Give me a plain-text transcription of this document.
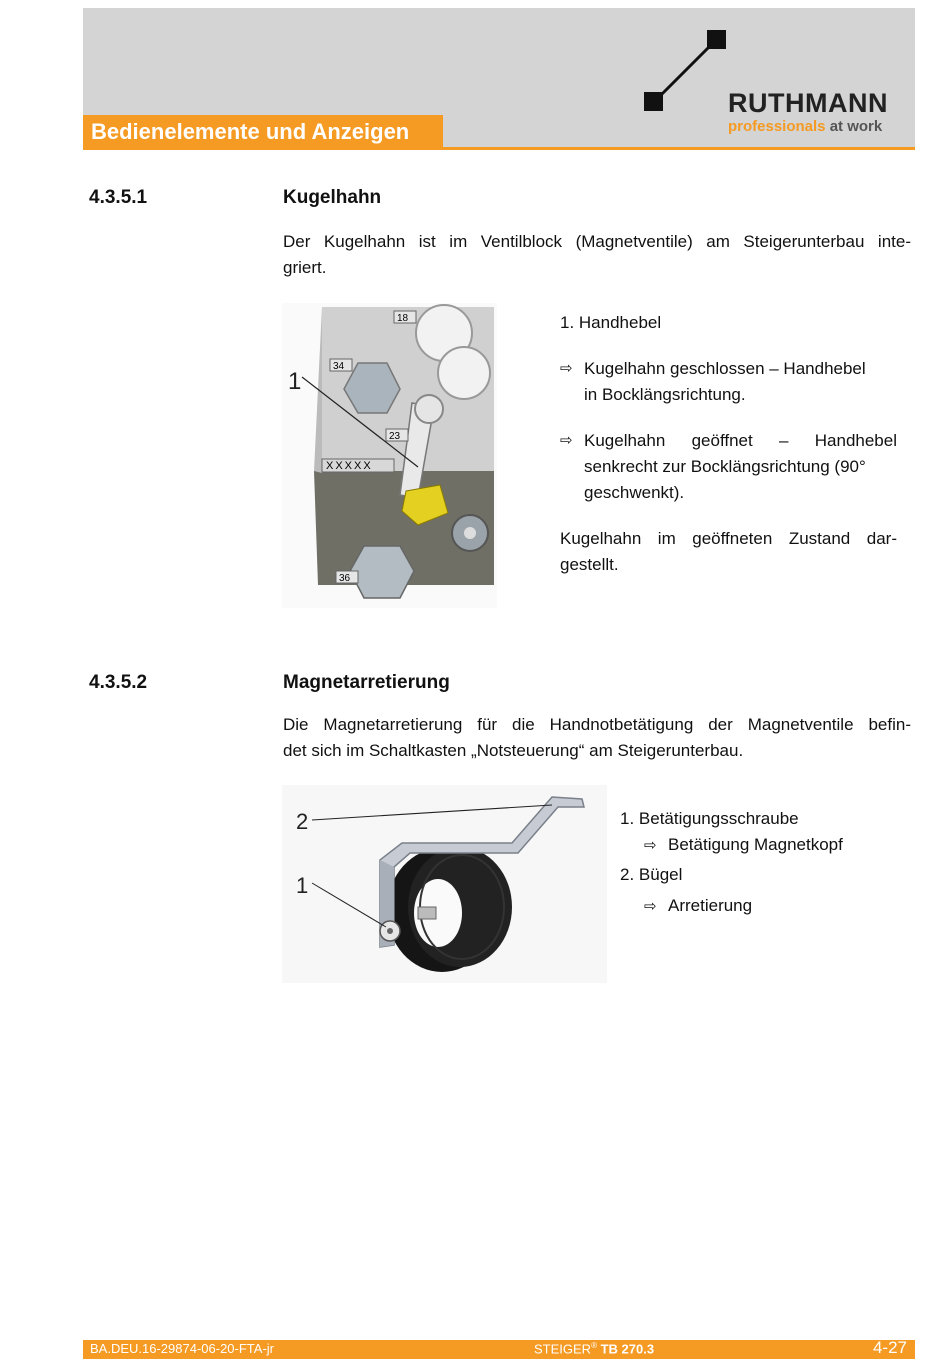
Bedienelemente und Anzeigen
RUTHMANN
professionals at work
4.3.5.1	Kugelhahn
Der Kugelhahn ist im Ventilblock (Magnetventile) am Steigerunterbau inte-
griert.
18
34
23
XXXXX
36
1
1. Handhebel
⇨ Kugelhahn geschlossen – Handhebel
in Bocklängsrichtung.
⇨ Kugelhahn geöffnet – Handhebel
senkrecht zur Bocklängsrichtung (90°
geschwenkt).
Kugelhahn im geöffneten Zustand dar-
gestellt.
4.3.5.2	Magnetarretierung
Die Magnetarretierung für die Handnotbetätigung der Magnetventile befin-
det sich im Schaltkasten „Notsteuerung“ am Steigerunterbau.
2
1
1. Betätigungsschraube
⇨ Betätigung Magnetkopf
2. Bügel
⇨ Arretierung
BA.DEU.16-29874-06-20-FTA-jr	STEIGER® TB 270.3	4-27
